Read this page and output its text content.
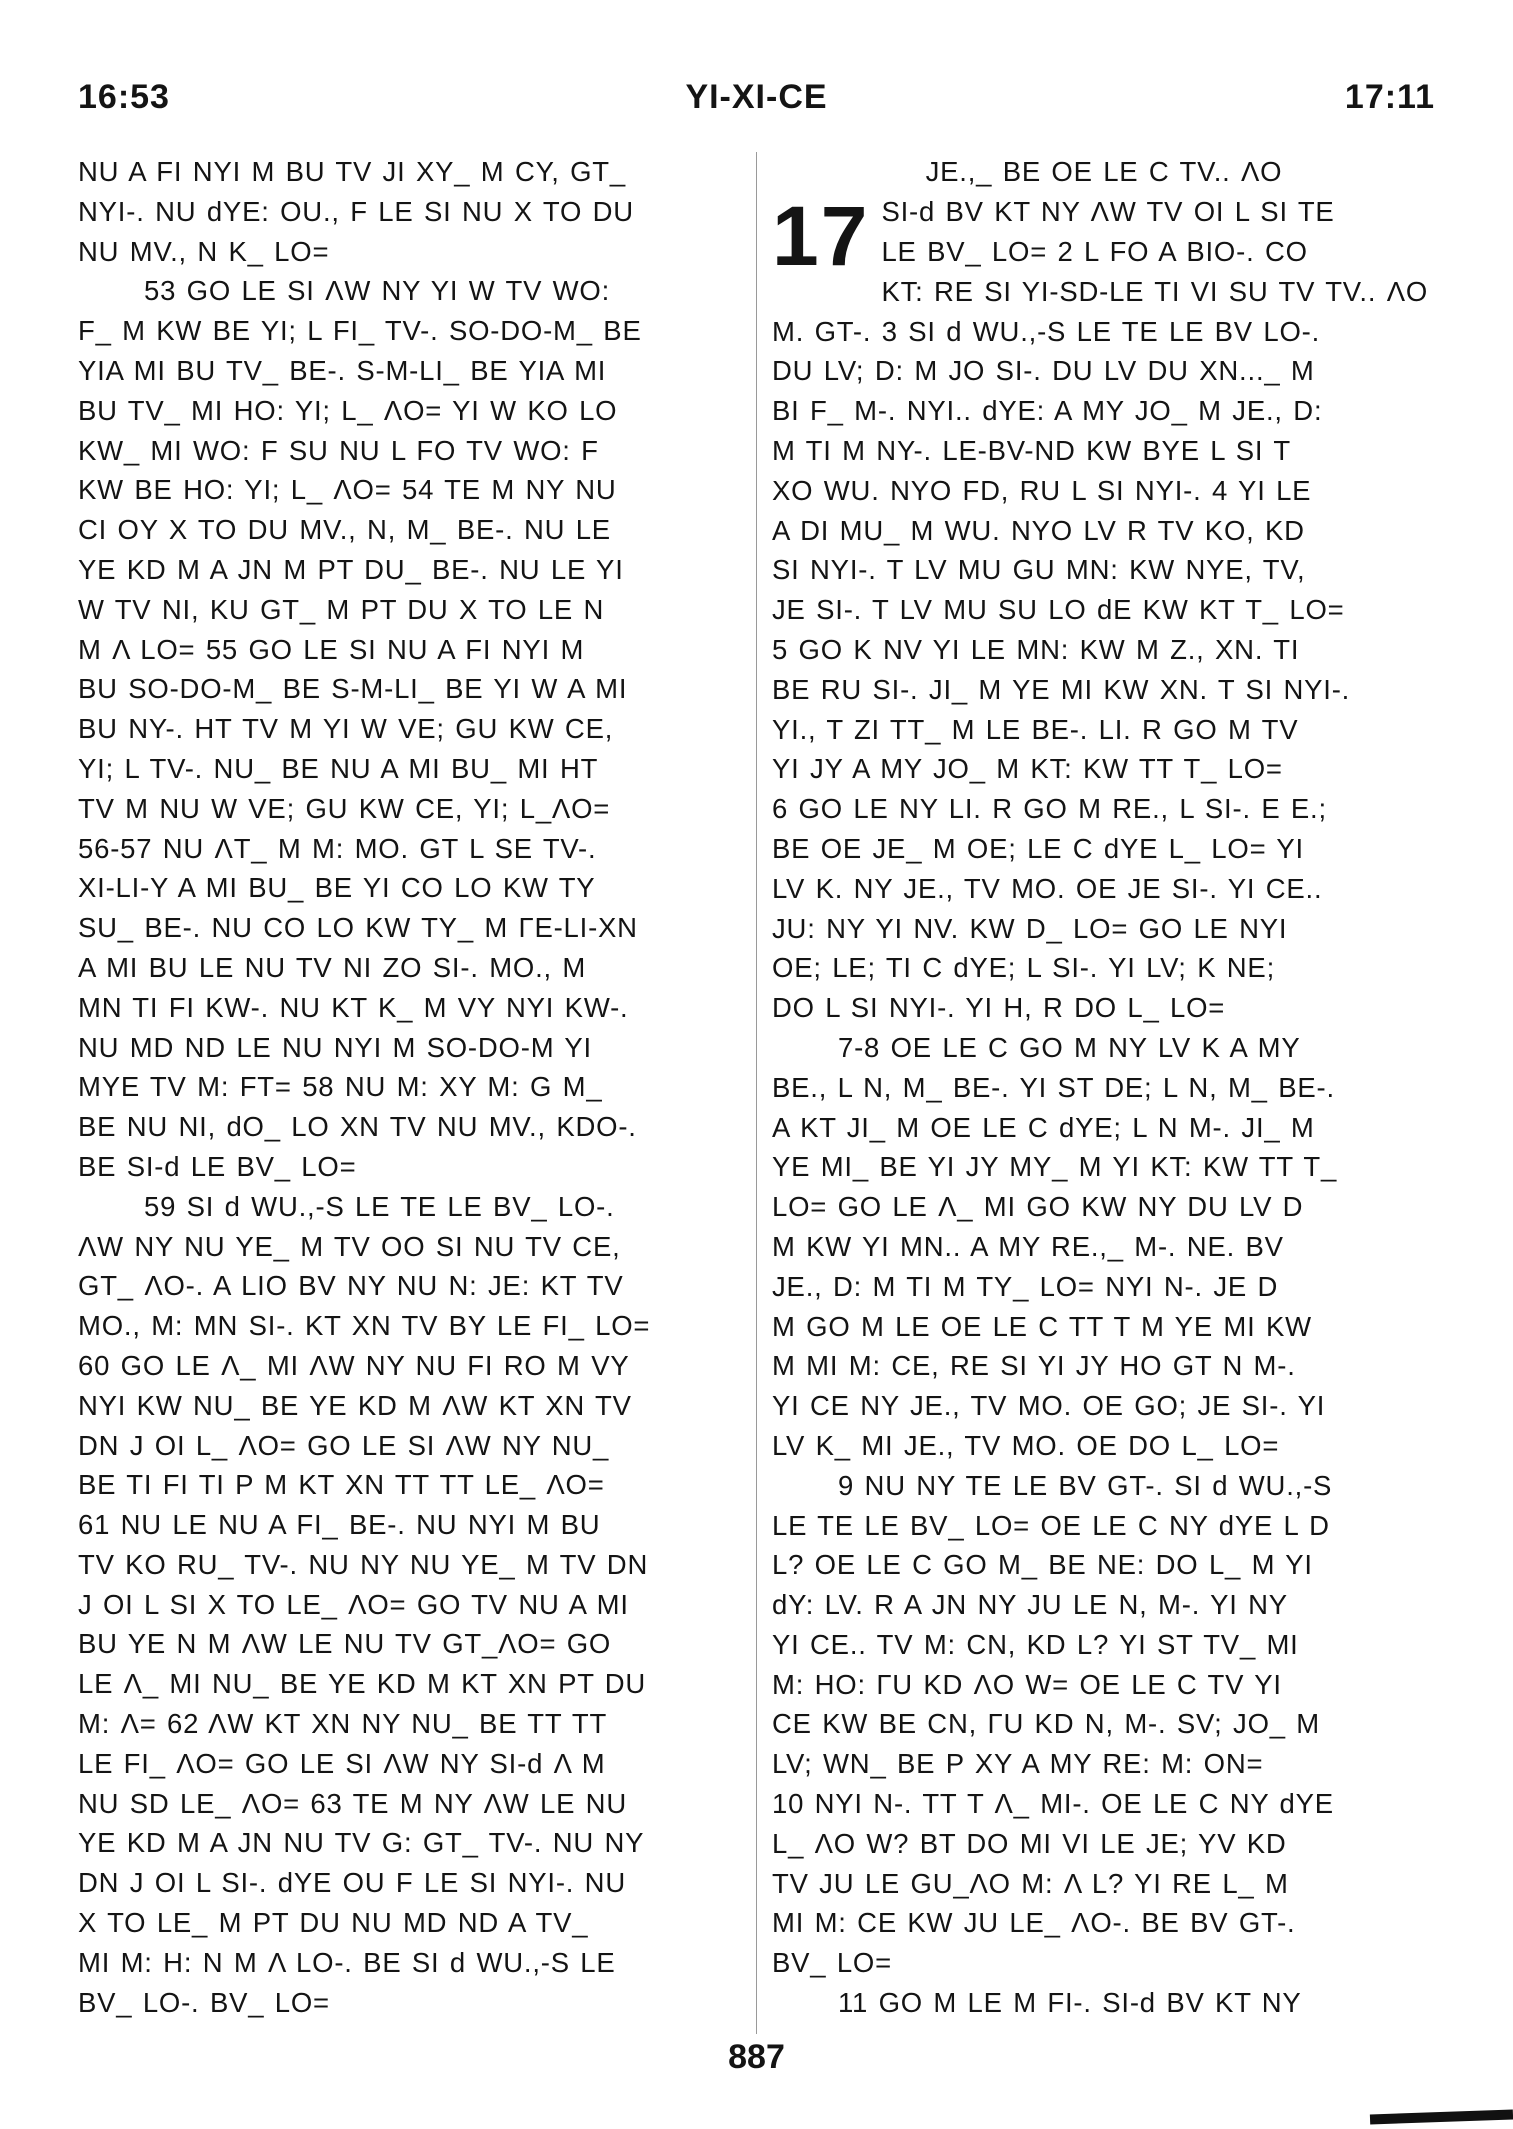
16:53	YI-XI-CE	17:11
NU A FI NYI M BU TV JI XY_ M CY, GT_
NYI-. NU dYE: OU., F LE SI NU X TO DU
NU MV., N K_ LO=
53 GO LE SI ΛW NY YI W TV WO:
F_ M KW BE YI; L FI_ TV-. SO-DO-M_ BE
YIA MI BU TV_ BE-. S-M-LI_ BE YIA MI
BU TV_ MI HO: YI; L_ ΛO= YI W KO LO
KW_ MI WO: F SU NU L FO TV WO: F
KW BE HO: YI; L_ ΛO= 54 TE M NY NU
CI OY X TO DU MV., N, M_ BE-. NU LE
YE KD M A JN M PT DU_ BE-. NU LE YI
W TV NI, KU GT_ M PT DU X TO LE N
M Λ LO= 55 GO LE SI NU A FI NYI M
BU SO-DO-M_ BE S-M-LI_ BE YI W A MI
BU NY-. HT TV M YI W VE; GU KW CE,
YI; L TV-. NU_ BE NU A MI BU_ MI HT
TV M NU W VE; GU KW CE, YI; L_ΛO=
56-57 NU ΛT_ M M: MO. GT L SE TV-.
XI-LI-Y A MI BU_ BE YI CO LO KW TY
SU_ BE-. NU CO LO KW TY_ M ΓE-LI-XN
A MI BU LE NU TV NI ZO SI-. MO., M
MN TI FI KW-. NU KT K_ M VY NYI KW-.
NU MD ND LE NU NYI M SO-DO-M YI
MYE TV M: FT= 58 NU M: XY M: G M_
BE NU NI, dO_ LO XN TV NU MV., KDO-.
BE SI-d LE BV_ LO=
59 SI d WU.,-S LE TE LE BV_ LO-.
ΛW NY NU YE_ M TV OO SI NU TV CE,
GT_ ΛO-. A LIO BV NY NU N: JE: KT TV
MO., M: MN SI-. KT XN TV BY LE FI_ LO=
60 GO LE Λ_ MI ΛW NY NU FI RO M VY
NYI KW NU_ BE YE KD M ΛW KT XN TV
DN J OI L_ ΛO= GO LE SI ΛW NY NU_
BE TI FI TI P M KT XN TT TT LE_ ΛO=
61 NU LE NU A FI_ BE-. NU NYI M BU
TV KO RU_ TV-. NU NY NU YE_ M TV DN
J OI L SI X TO LE_ ΛO= GO TV NU A MI
BU YE N M ΛW LE NU TV GT_ΛO= GO
LE Λ_ MI NU_ BE YE KD M KT XN PT DU
M: Λ= 62 ΛW KT XN NY NU_ BE TT TT
LE FI_ ΛO= GO LE SI ΛW NY SI-d Λ M
NU SD LE_ ΛO= 63 TE M NY ΛW LE NU
YE KD M A JN NU TV G: GT_ TV-. NU NY
DN J OI L SI-. dYE OU F LE SI NYI-. NU
X TO LE_ M PT DU NU MD ND A TV_
MI M: H: N M Λ LO-. BE SI d WU.,-S LE
BV_ LO-. BV_ LO=
JE.,_ BE OE LE C TV.. ΛO
17 SI-d BV KT NY ΛW TV OI L SI TE
LE BV_ LO= 2 L FO A BIO-. CO
KT: RE SI YI-SD-LE TI VI SU TV TV.. ΛO
M. GT-. 3 SI d WU.,-S LE TE LE BV LO-.
DU LV; D: M JO SI-. DU LV DU XN..._ M
BI F_ M-. NYI.. dYE: A MY JO_ M JE., D:
M TI M NY-. LE-BV-ND KW BYE L SI T
XO WU. NYO FD, RU L SI NYI-. 4 YI LE
A DI MU_ M WU. NYO LV R TV KO, KD
SI NYI-. T LV MU GU MN: KW NYE, TV,
JE SI-. T LV MU SU LO dE KW KT T_ LO=
5 GO K NV YI LE MN: KW M Z., XN. TI
BE RU SI-. JI_ M YE MI KW XN. T SI NYI-.
YI., T ZI TT_ M LE BE-. LI. R GO M TV
YI JY A MY JO_ M KT: KW TT T_ LO=
6 GO LE NY LI. R GO M RE., L SI-. E E.;
BE OE JE_ M OE; LE C dYE L_ LO= YI
LV K. NY JE., TV MO. OE JE SI-. YI CE..
JU: NY YI NV. KW D_ LO= GO LE NYI
OE; LE; TI C dYE; L SI-. YI LV; K NE;
DO L SI NYI-. YI H, R DO L_ LO=
7-8 OE LE C GO M NY LV K A MY
BE., L N, M_ BE-. YI ST DE; L N, M_ BE-.
A KT JI_ M OE LE C dYE; L N M-. JI_ M
YE MI_ BE YI JY MY_ M YI KT: KW TT T_
LO= GO LE Λ_ MI GO KW NY DU LV D
M KW YI MN.. A MY RE.,_ M-. NE. BV
JE., D: M TI M TY_ LO= NYI N-. JE D
M GO M LE OE LE C TT T M YE MI KW
M MI M: CE, RE SI YI JY HO GT N M-.
YI CE NY JE., TV MO. OE GO; JE SI-. YI
LV K_ MI JE., TV MO. OE DO L_ LO=
9 NU NY TE LE BV GT-. SI d WU.,-S
LE TE LE BV_ LO= OE LE C NY dYE L D
L? OE LE C GO M_ BE NE: DO L_ M YI
dY: LV. R A JN NY JU LE N, M-. YI NY
YI CE.. TV M: CN, KD L? YI ST TV_ MI
M: HO: ΓU KD ΛO W= OE LE C TV YI
CE KW BE CN, ΓU KD N, M-. SV; JO_ M
LV; WN_ BE P XY A MY RE: M: ON=
10 NYI N-. TT T Λ_ MI-. OE LE C NY dYE
L_ ΛO W? BT DO MI VI LE JE; YV KD
TV JU LE GU_ΛO M: Λ L? YI RE L_ M
MI M: CE KW JU LE_ ΛO-. BE BV GT-.
BV_ LO=
11 GO M LE M FI-. SI-d BV KT NY
887
